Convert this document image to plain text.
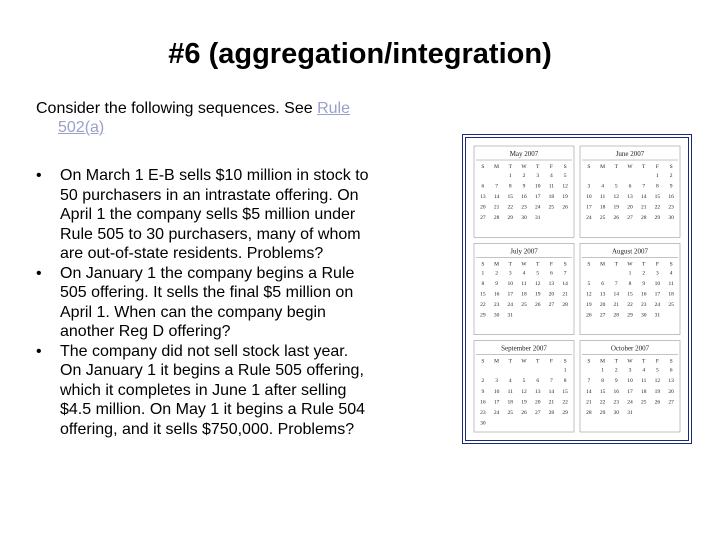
#6 (aggregation/integration)
Consider the following sequences. See Rule
502(a)
• On March 1 E-B sells $10 million in stock to
50 purchasers in an intrastate offering. On
April 1 the company sells $5 million under
Rule 505 to 30 purchasers, many of whom
are out-of-state residents. Problems?
• On January 1 the company begins a Rule
505 offering. It sells the final $5 million on
April 1. When can the company begin
another Reg D offering?
• The company did not sell stock last year.
On January 1 it begins a Rule 505 offering,
which it completes in June 1 after selling
$4.5 million. On May 1 it begins a Rule 504
offering, and it sells $750,000. Problems?
May 2007
S M T W T F S
1 2 3 4 5
6 7 8 9 10 11 12
13 14 15 16 17 18 19
20 21 22 23 24 25 26
27 28 29 30 31
June 2007
S M T W T F S
1 2
3 4 5 6 7 8 9
10 11 12 13 14 15 16
17 18 19 20 21 22 23
24 25 26 27 28 29 30
July 2007
S M T W T F S
1 2 3 4 5 6 7
8 9 10 11 12 13 14
15 16 17 18 19 20 21
22 23 24 25 26 27 28
29 30 31
August 2007
S M T W T F S
1 2 3 4
5 6 7 8 9 10 11
12 13 14 15 16 17 18
19 20 21 22 23 24 25
26 27 28 29 30 31
September 2007
S M T W T F S
1
2 3 4 5 6 7 8
9 10 11 12 13 14 15
16 17 18 19 20 21 22
23 24 25 26 27 28 29
30
October 2007
S M T W T F S
1 2 3 4 5 6
7 8 9 10 11 12 13
14 15 16 17 18 19 20
21 22 23 24 25 26 27
28 29 30 31
